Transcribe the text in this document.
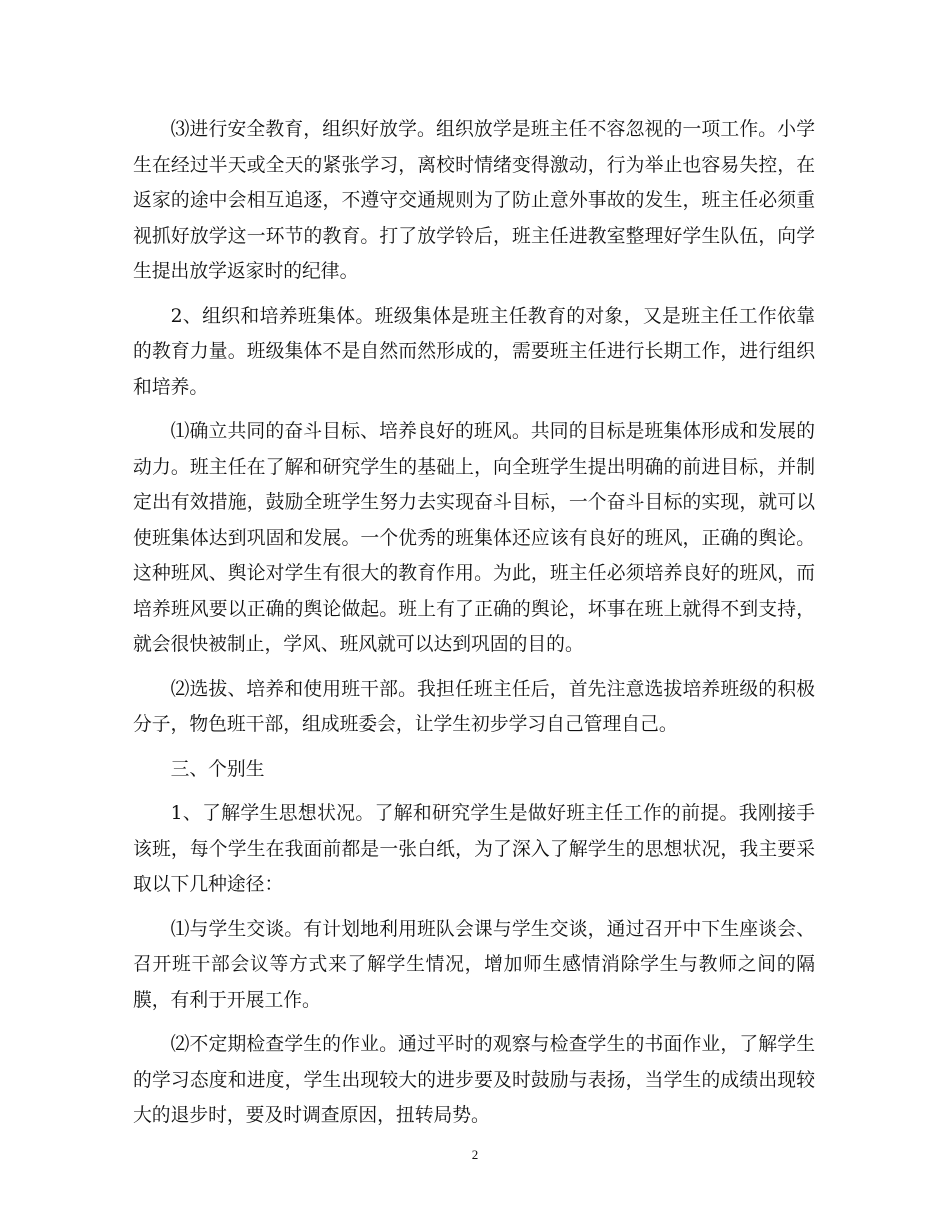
⑶进行安全教育，组织好放学。组织放学是班主任不容忽视的一项工作。小学生在经过半天或全天的紧张学习，离校时情绪变得激动，行为举止也容易失控，在返家的途中会相互追逐，不遵守交通规则为了防止意外事故的发生，班主任必须重视抓好放学这一环节的教育。打了放学铃后，班主任进教室整理好学生队伍，向学生提出放学返家时的纪律。

2、组织和培养班集体。班级集体是班主任教育的对象，又是班主任工作依靠的教育力量。班级集体不是自然而然形成的，需要班主任进行长期工作，进行组织和培养。

⑴确立共同的奋斗目标、培养良好的班风。共同的目标是班集体形成和发展的动力。班主任在了解和研究学生的基础上，向全班学生提出明确的前进目标，并制定出有效措施，鼓励全班学生努力去实现奋斗目标，一个奋斗目标的实现，就可以使班集体达到巩固和发展。一个优秀的班集体还应该有良好的班风，正确的舆论。这种班风、舆论对学生有很大的教育作用。为此，班主任必须培养良好的班风，而培养班风要以正确的舆论做起。班上有了正确的舆论，坏事在班上就得不到支持，就会很快被制止，学风、班风就可以达到巩固的目的。

⑵选拔、培养和使用班干部。我担任班主任后，首先注意选拔培养班级的积极分子，物色班干部，组成班委会，让学生初步学习自己管理自己。

三、个别生

1、了解学生思想状况。了解和研究学生是做好班主任工作的前提。我刚接手该班，每个学生在我面前都是一张白纸，为了深入了解学生的思想状况，我主要采取以下几种途径：

⑴与学生交谈。有计划地利用班队会课与学生交谈，通过召开中下生座谈会、召开班干部会议等方式来了解学生情况，增加师生感情消除学生与教师之间的隔膜，有利于开展工作。

⑵不定期检查学生的作业。通过平时的观察与检查学生的书面作业，了解学生的学习态度和进度，学生出现较大的进步要及时鼓励与表扬，当学生的成绩出现较大的退步时，要及时调查原因，扭转局势。

2
